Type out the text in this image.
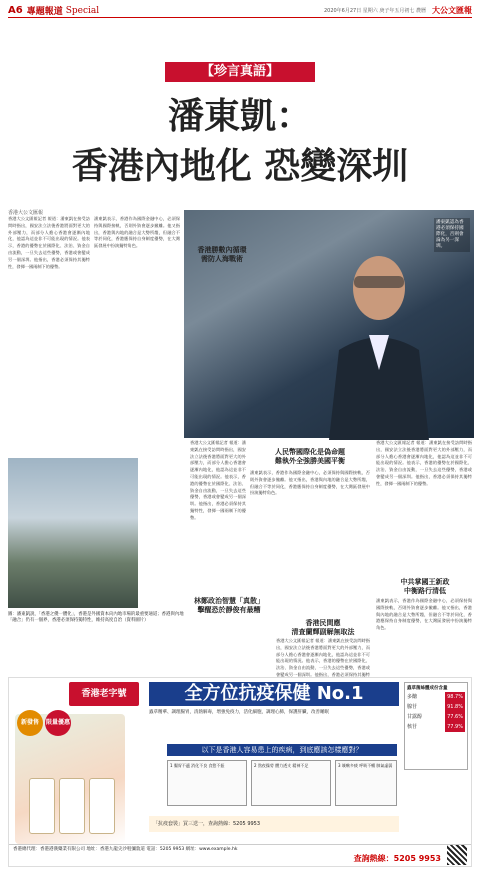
A6 專題報道 Special	2020年6月27日 星期六 庚子年五月初七 農曆 大公文匯報
【珍言真語】
潘東凱：
香港內地化 恐變深圳
香港大公文匯報
香港大公文匯報記者 報道：潘東凱在接受訪問時指出，國安法立法後香港將面對更大的外部壓力，而部分人擔心香港會逐漸內地化，他認為這並非不可能出現的情況。他表示，香港的優勢在於國際化、法治、資金自由流動，一旦失去這些優勢，香港或會變成另一個深圳。他指出，香港必須保持其獨特性，發揮一國兩制下的優勢。
潘東凱表示，香港作為國際金融中心，必須保持與國際接軌，否則外資會逐步撤離。他又指出，香港與內地的融合是大勢所趨，但融合不等於同化，香港應保持自身制度優勢，在大灣區發展中扮演獨特角色。
潘東凱認為香港必須保持國際化，否則會淪為另一深圳。
香港勝數內循環
需防人海戰術
人民幣國際化是偽命題
難執外全強勝美國平衡
潘東凱表示，香港作為國際金融中心，必須保持與國際接軌，否則外資會逐步撤離。他又指出，香港與內地的融合是大勢所趨，但融合不等於同化，香港應保持自身制度優勢，在大灣區發展中扮演獨特角色。
林鄭政治智慧「真散」
擊醒恐於靜俊有最糟
香港大公文匯報記者 報道：潘東凱在接受訪問時指出，國安法立法後香港將面對更大的外部壓力，而部分人擔心香港會逐漸內地化，他認為這並非不可能出現的情況。他表示，香港的優勢在於國際化、法治、資金自由流動，一旦失去這些優勢，香港或會變成另一個深圳。他指出，香港必須保持其獨特性，發揮一國兩制下的優勢。
香港大公文匯報記者 報道：潘東凱在接受訪問時指出，國安法立法後香港將面對更大的外部壓力，而部分人擔心香港會逐漸內地化，他認為這並非不可能出現的情況。他表示，香港的優勢在於國際化、法治、資金自由流動，一旦失去這些優勢，香港或會變成另一個深圳。他指出，香港必須保持其獨特性，發揮一國兩制下的優勢。
中共掌國王新政
中衡路行清低
潘東凱表示，香港作為國際金融中心，必須保持與國際接軌，否則外資會逐步撤離。他又指出，香港與內地的融合是大勢所趨，但融合不等於同化，香港應保持自身制度優勢，在大灣區發展中扮演獨特角色。
香港民間應
清查蘭輝副解無取法
香港大公文匯報記者 報道：潘東凱在接受訪問時指出，國安法立法後香港將面對更大的外部壓力，而部分人擔心香港會逐漸內地化，他認為這並非不可能出現的情況。他表示，香港的優勢在於國際化、法治、資金自由流動，一旦失去這些優勢，香港或會變成另一個深圳。他指出，香港必須保持其獨特
圖：潘東凱說，「香港之優一體化」，香港是外國資本向內地市場的最重要通道；香港與內地「融合」仍有一個界，香港必須保持獨特性，維持高度自治（資料圖片）
香港老字號	全方位抗疫保健 No.1
蟲草精華、調理腸胃，清熱解毒，增強免疫力，活化細胞，調理心肺，保護肝臟，改善睡眠
以下是香港人容易患上的疾病，到底應該怎樣應對？
1 腸胃不適 消化不良 食慾不振	2 熬夜操勞 體力透支 精神不足	3 咳嗽多痰 呼吸不暢 肺氣虛弱
新發售	限量優惠
蟲草菌絲體成份含量
多醣	98.7%
腺苷	91.8%
甘露醇	77.6%
核苷	77.9%
「抗疫套裝」買三送一，查詢熱線：5205 9953
香港總代理：香港港漢藥業有限公司 地址：香港九龍尖沙咀彌敦道 電話：5205 9953 網址：www.example.hk
查詢熱線：5205 9953
